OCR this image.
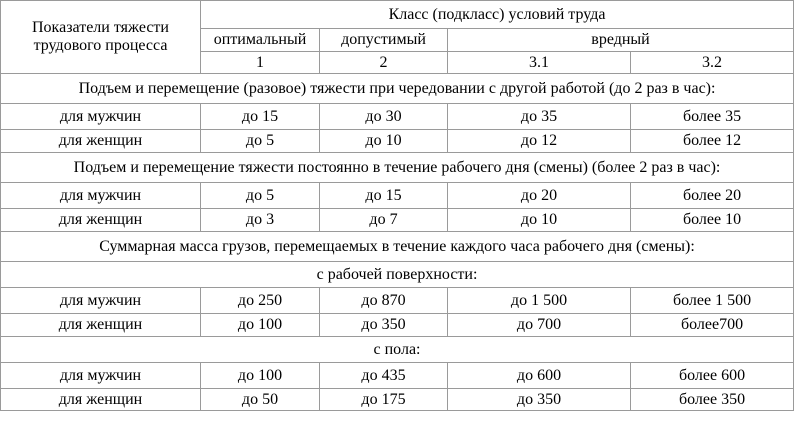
Показатели тяжести
трудового процесса	Класс (подкласс) условий труда			
	оптимальный	допустимый	вредный	
	1	2	3.1	3.2
Подъем и перемещение (разовое) тяжести при чередовании с другой работой (до 2 раз в час):				
для мужчин	до 15	до 30	до 35	более 35
для женщин	до 5	до 10	до 12	более 12
Подъем и перемещение тяжести постоянно в течение рабочего дня (смены) (более 2 раз в час):				
для мужчин	до 5	до 15	до 20	более 20
для женщин	до 3	до 7	до 10	более 10
Суммарная масса грузов, перемещаемых в течение каждого часа рабочего дня (смены):				
с рабочей поверхности:				
для мужчин	до 250	до 870	до 1 500	более 1 500
для женщин	до 100	до 350	до 700	более700
с пола:				
для мужчин	до 100	до 435	до 600	более 600
для женщин	до 50	до 175	до 350	более 350
